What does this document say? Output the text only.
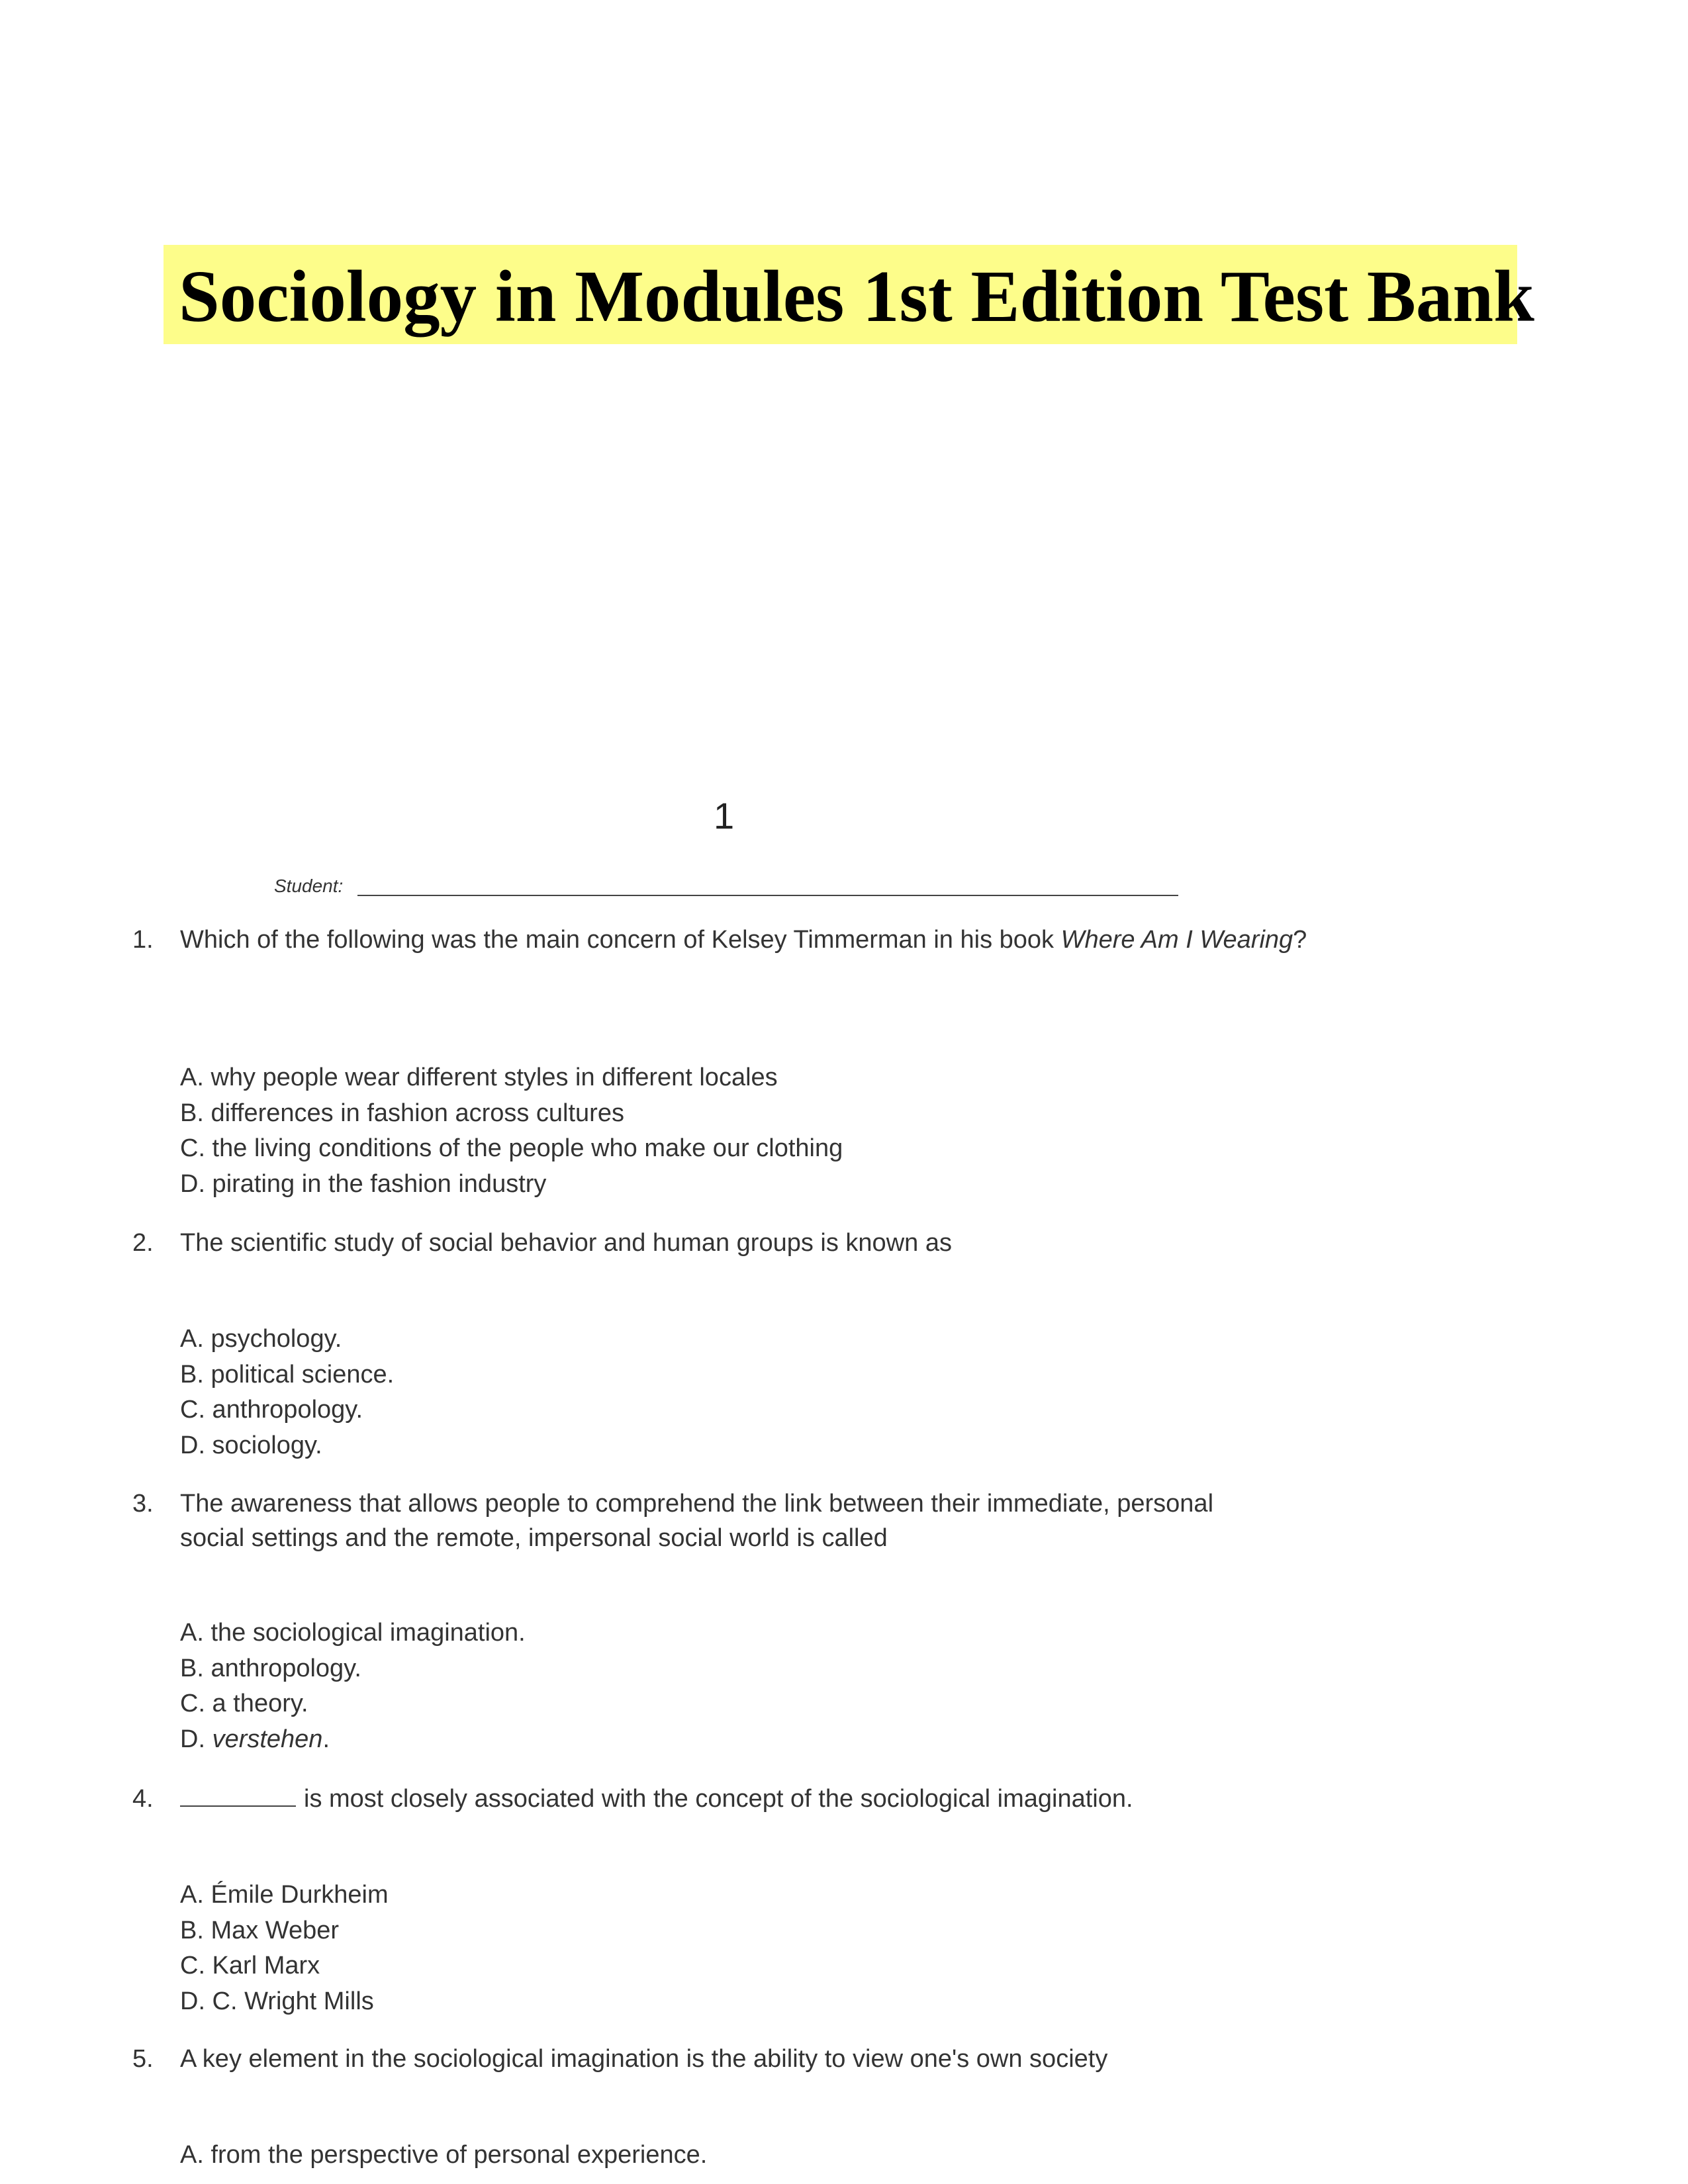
Sociology in Modules 1st Edition Test Bank
1
Student:
1. Which of the following was the main concern of Kelsey Timmerman in his book Where Am I Wearing?
A. why people wear different styles in different locales
B. differences in fashion across cultures
C. the living conditions of the people who make our clothing
D. pirating in the fashion industry
2. The scientific study of social behavior and human groups is known as
A. psychology.
B. political science.
C. anthropology.
D. sociology.
3. The awareness that allows people to comprehend the link between their immediate, personal
social settings and the remote, impersonal social world is called
A. the sociological imagination.
B. anthropology.
C. a theory.
D. verstehen.
4.	is most closely associated with the concept of the sociological imagination.
A. Émile Durkheim
B. Max Weber
C. Karl Marx
D. C. Wright Mills
5. A key element in the sociological imagination is the ability to view one's own society
A. from the perspective of personal experience.
